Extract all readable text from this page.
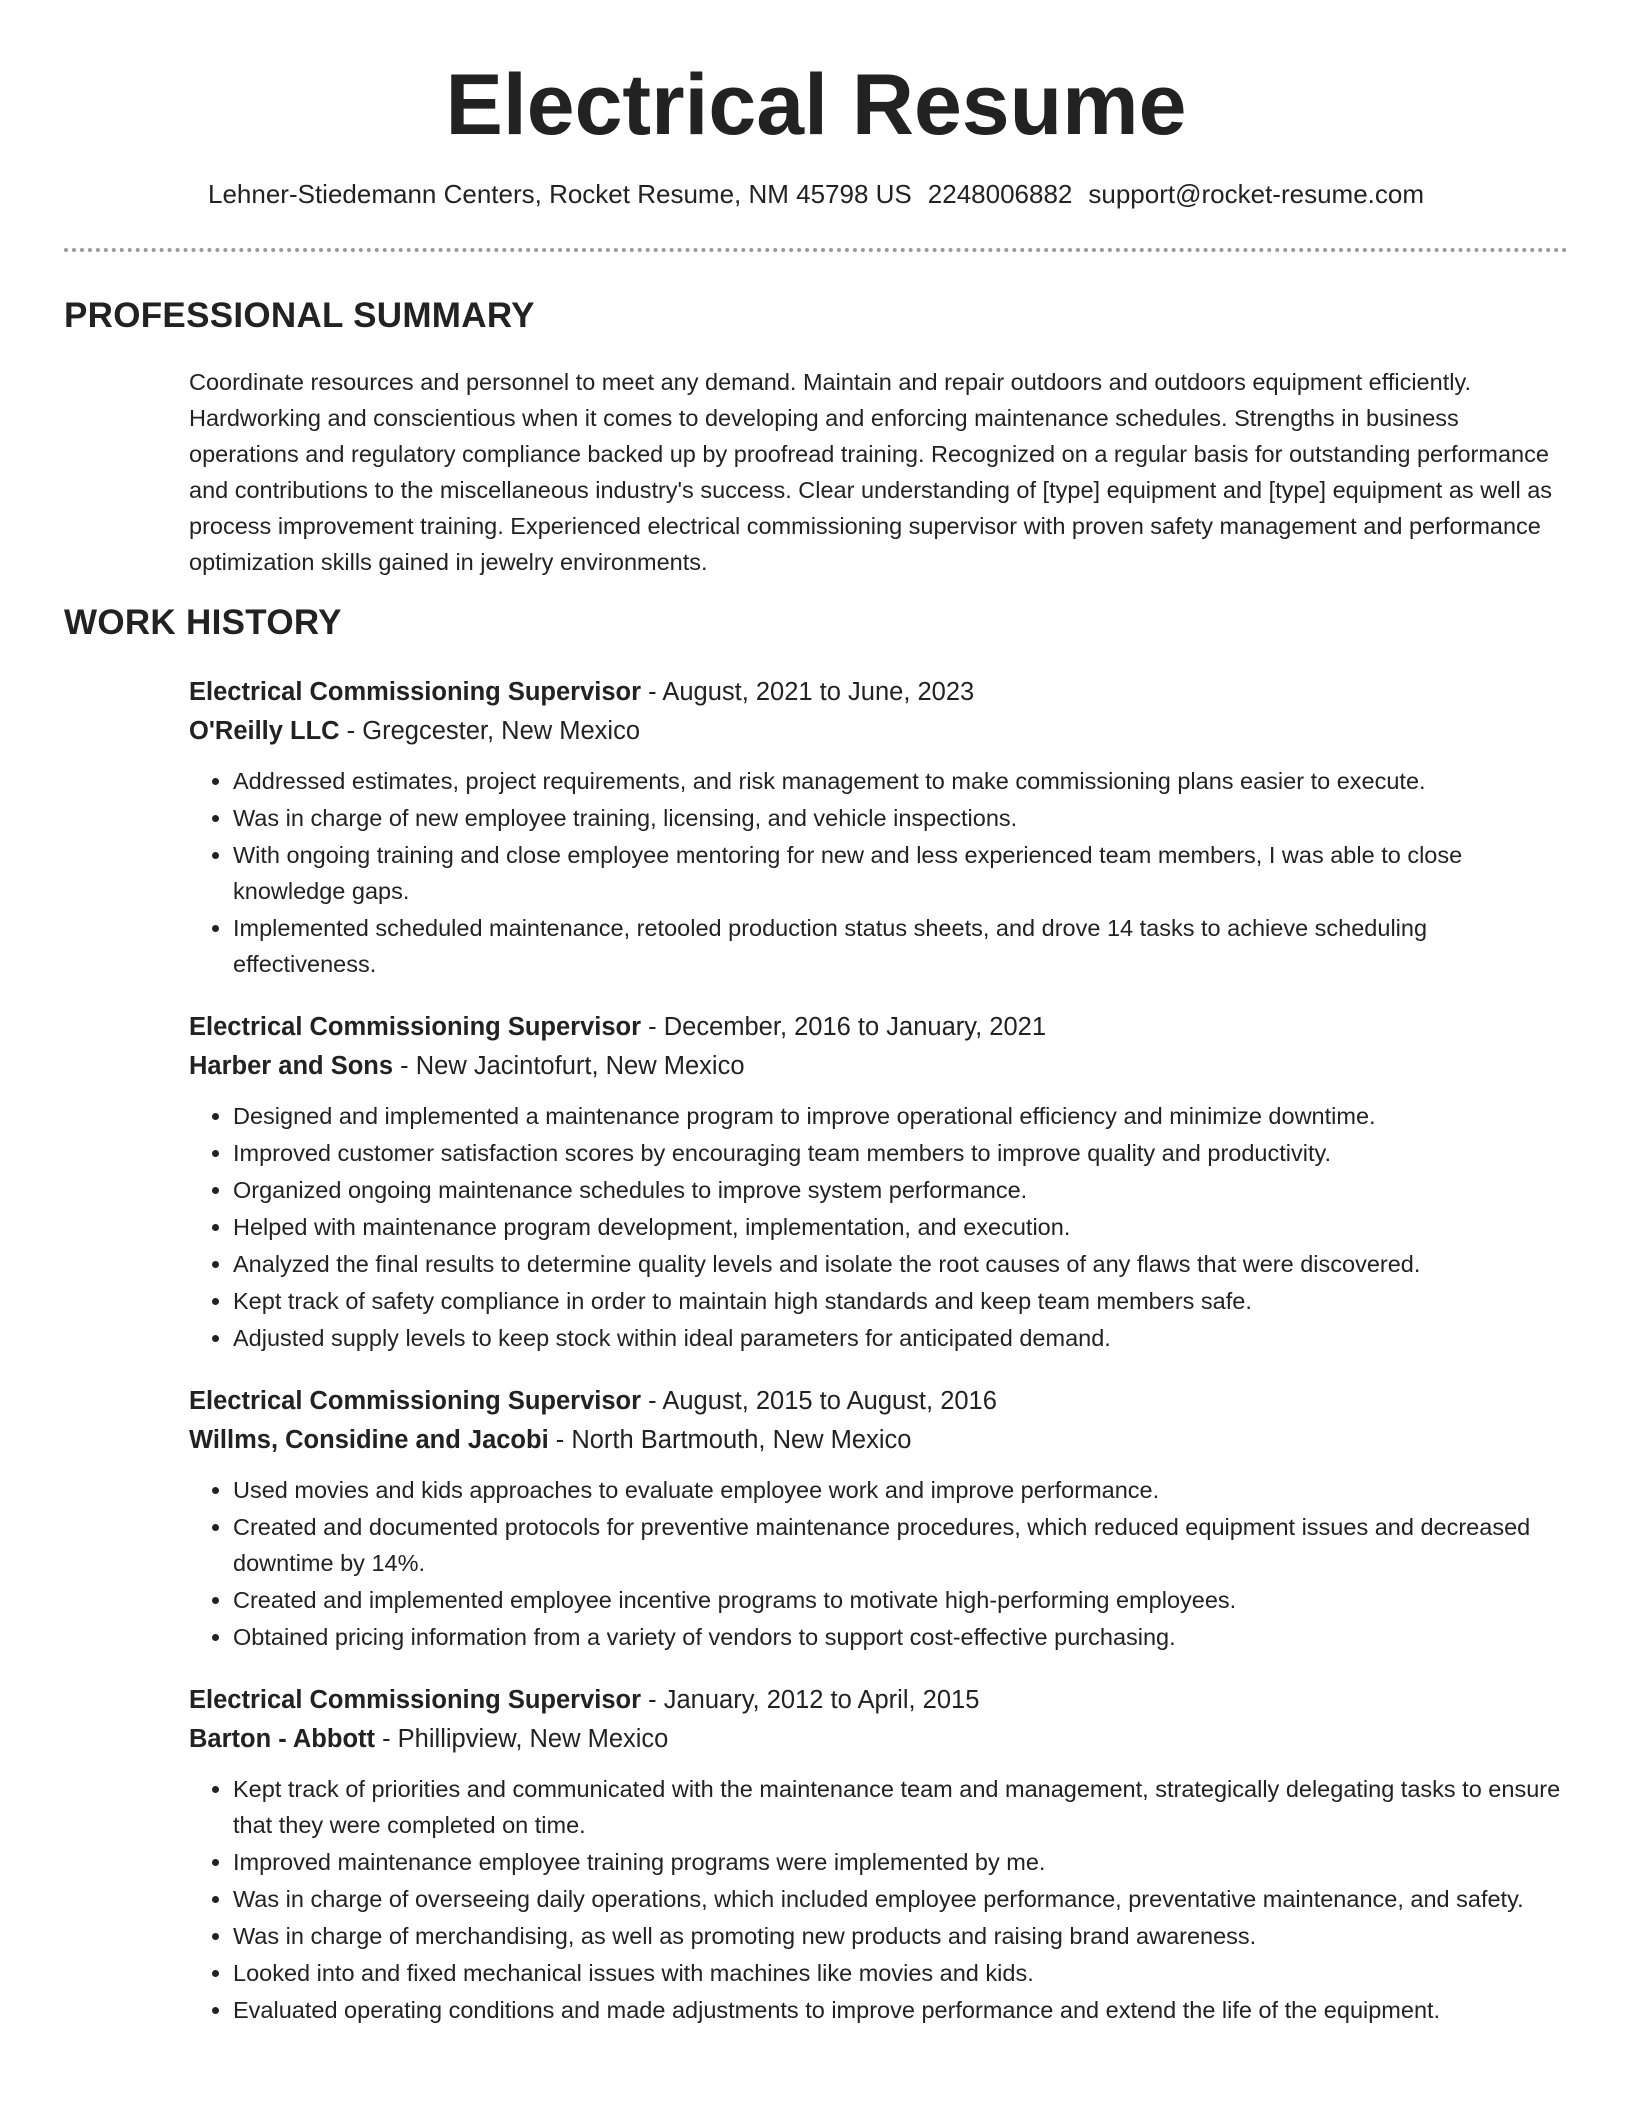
Electrical Resume
Lehner-Stiedemann Centers, Rocket Resume, NM 45798 US 2248006882 support@rocket-resume.com
PROFESSIONAL SUMMARY

Coordinate resources and personnel to meet any demand. Maintain and repair outdoors and outdoors equipment efficiently. Hardworking and conscientious when it comes to developing and enforcing maintenance schedules. Strengths in business operations and regulatory compliance backed up by proofread training. Recognized on a regular basis for outstanding performance and contributions to the miscellaneous industry's success. Clear understanding of [type] equipment and [type] equipment as well as process improvement training. Experienced electrical commissioning supervisor with proven safety management and performance optimization skills gained in jewelry environments.

WORK HISTORY
Electrical Commissioning Supervisor - August, 2021 to June, 2023
O'Reilly LLC - Gregcester, New Mexico
• Addressed estimates, project requirements, and risk management to make commissioning plans easier to execute.
• Was in charge of new employee training, licensing, and vehicle inspections.
• With ongoing training and close employee mentoring for new and less experienced team members, I was able to close knowledge gaps.
• Implemented scheduled maintenance, retooled production status sheets, and drove 14 tasks to achieve scheduling effectiveness.
Electrical Commissioning Supervisor - December, 2016 to January, 2021
Harber and Sons - New Jacintofurt, New Mexico
• Designed and implemented a maintenance program to improve operational efficiency and minimize downtime.
• Improved customer satisfaction scores by encouraging team members to improve quality and productivity.
• Organized ongoing maintenance schedules to improve system performance.
• Helped with maintenance program development, implementation, and execution.
• Analyzed the final results to determine quality levels and isolate the root causes of any flaws that were discovered.
• Kept track of safety compliance in order to maintain high standards and keep team members safe.
• Adjusted supply levels to keep stock within ideal parameters for anticipated demand.
Electrical Commissioning Supervisor - August, 2015 to August, 2016
Willms, Considine and Jacobi - North Bartmouth, New Mexico
• Used movies and kids approaches to evaluate employee work and improve performance.
• Created and documented protocols for preventive maintenance procedures, which reduced equipment issues and decreased downtime by 14%.
• Created and implemented employee incentive programs to motivate high-performing employees.
• Obtained pricing information from a variety of vendors to support cost-effective purchasing.
Electrical Commissioning Supervisor - January, 2012 to April, 2015
Barton - Abbott - Phillipview, New Mexico
• Kept track of priorities and communicated with the maintenance team and management, strategically delegating tasks to ensure that they were completed on time.
• Improved maintenance employee training programs were implemented by me.
• Was in charge of overseeing daily operations, which included employee performance, preventative maintenance, and safety.
• Was in charge of merchandising, as well as promoting new products and raising brand awareness.
• Looked into and fixed mechanical issues with machines like movies and kids.
• Evaluated operating conditions and made adjustments to improve performance and extend the life of the equipment.
